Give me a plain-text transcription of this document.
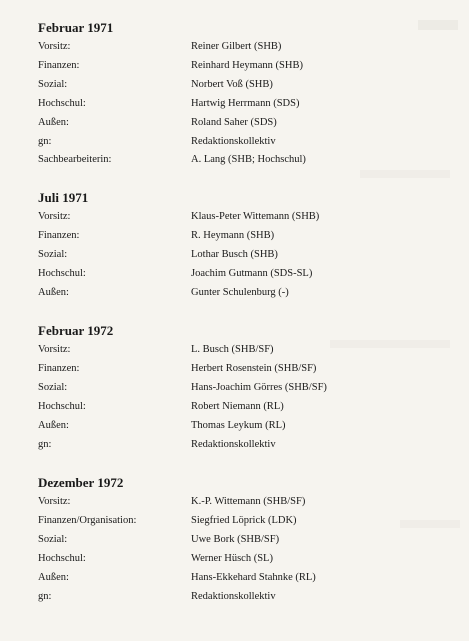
Februar 1971
Vorsitz:	Reiner Gilbert (SHB)
Finanzen:	Reinhard Heymann (SHB)
Sozial:	Norbert Voß (SHB)
Hochschul:	Hartwig Herrmann (SDS)
Außen:	Roland Saher (SDS)
gn:	Redaktionskollektiv
Sachbearbeiterin:	A. Lang (SHB; Hochschul)
Juli 1971
Vorsitz:	Klaus-Peter Wittemann (SHB)
Finanzen:	R. Heymann (SHB)
Sozial:	Lothar Busch (SHB)
Hochschul:	Joachim Gutmann (SDS-SL)
Außen:	Gunter Schulenburg (-)
Februar 1972
Vorsitz:	L. Busch (SHB/SF)
Finanzen:	Herbert Rosenstein (SHB/SF)
Sozial:	Hans-Joachim Görres (SHB/SF)
Hochschul:	Robert Niemann (RL)
Außen:	Thomas Leykum (RL)
gn:	Redaktionskollektiv
Dezember 1972
Vorsitz:	K.-P. Wittemann (SHB/SF)
Finanzen/Organisation:	Siegfried Löprick (LDK)
Sozial:	Uwe Bork (SHB/SF)
Hochschul:	Werner Hüsch (SL)
Außen:	Hans-Ekkehard Stahnke (RL)
gn:	Redaktionskollektiv
